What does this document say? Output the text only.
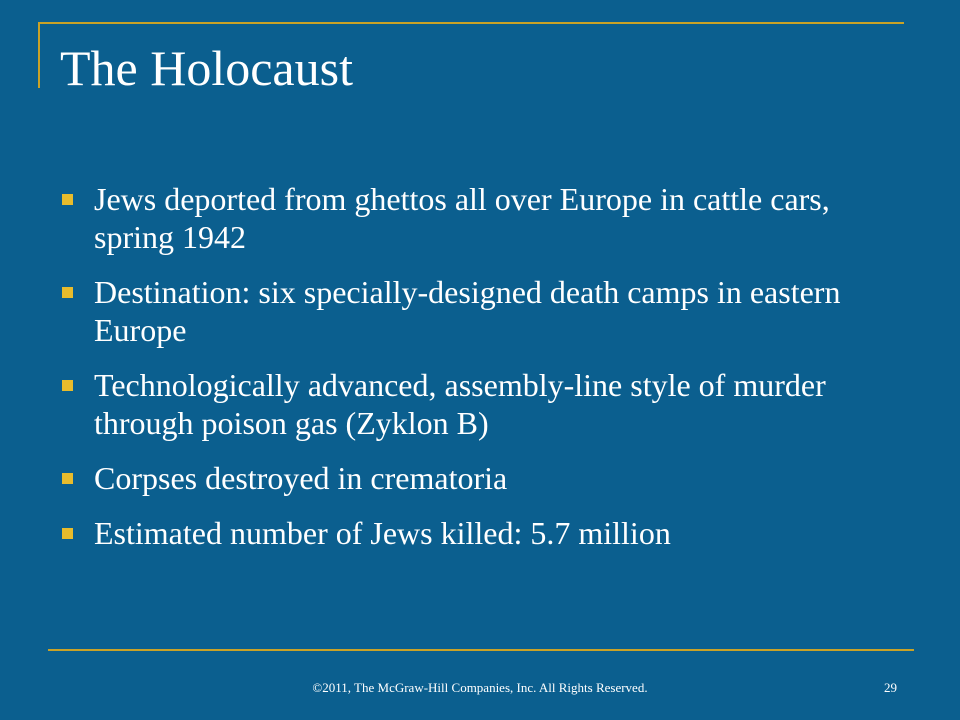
The Holocaust
Jews deported from ghettos all over Europe in cattle cars, spring 1942
Destination: six specially-designed death camps in eastern Europe
Technologically advanced, assembly-line style of murder through poison gas (Zyklon B)
Corpses destroyed in crematoria
Estimated number of Jews killed: 5.7 million
©2011, The McGraw-Hill Companies, Inc. All Rights Reserved.	29
